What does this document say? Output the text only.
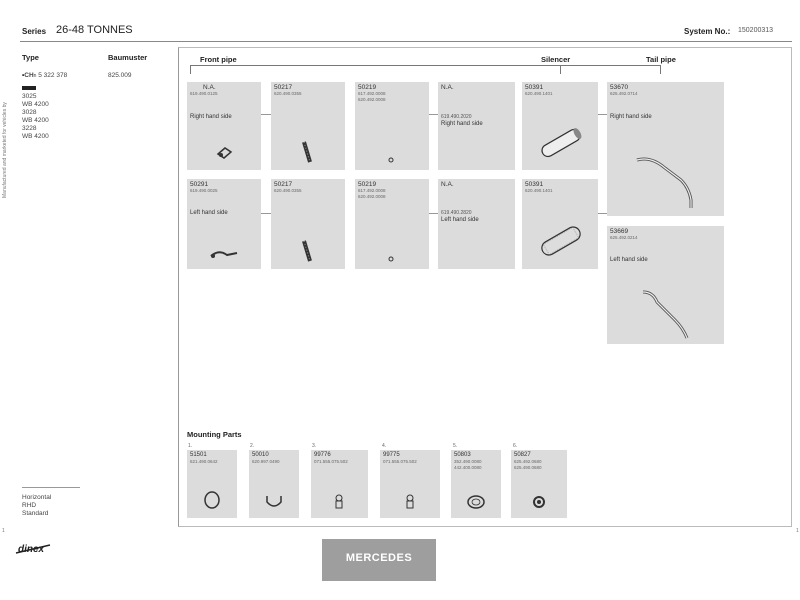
Series 26-48 TONNES	System No.: 150200313
Manufactured and marketed for vehicles by
Type	Baumuster
•CHn 5 322 378	825.009
3025
WB 4200
3028
WB 4200
3228
WB 4200
Horizontal
RHD
Standard
Front pipe	Silencer	Tail pipe
N.A.
619.490.0125
Right hand side
50217
620.490.0355
50219
617.492.0008
620.492.0008
N.A.
619.490.2020
Right hand side
50391
620.490.1401
53670
625.492.0714
Right hand side
50291
619.490.0025
Left hand side
50217
620.490.0355
50219
617.492.0008
620.492.0008
N.A.
619.490.2820
Left hand side
50391
620.490.1401
53669
625.492.0214
Left hand side
Mounting Parts
1.
51501
621.490.0642
2.
50010
620.997.0490
3.
99776
071.555.075.502
4.
99775
071.555.075.502
5.
50803
352.490.0080
442.400.0080
6.
50827
625.492.0680
625.490.0680
1
1
dinex
MERCEDES
